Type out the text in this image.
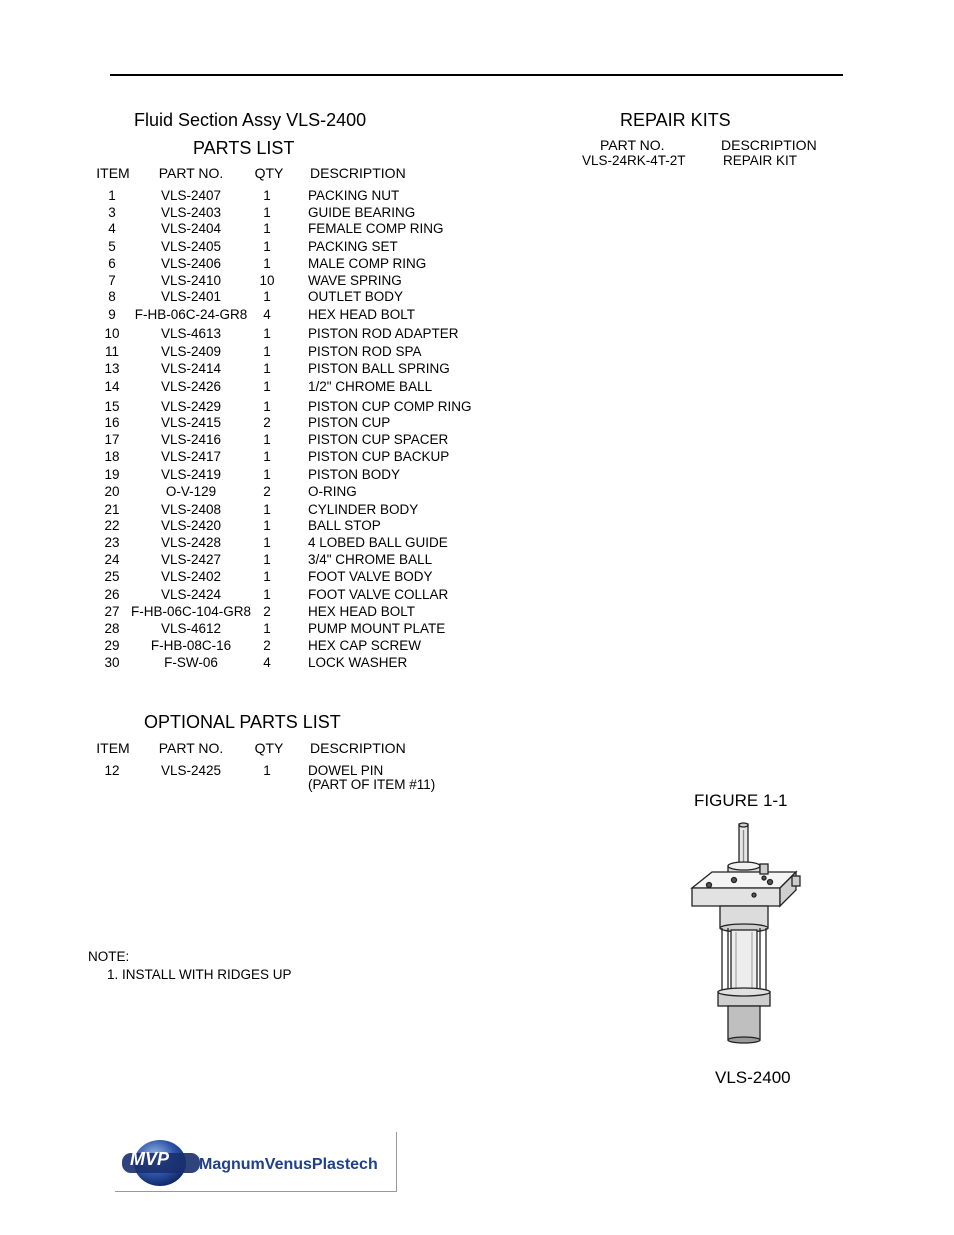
Fluid Section Assy VLS-2400
PARTS LIST
ITEM	PART NO.	QTY DESCRIPTION
1	VLS-2407	1	PACKING NUT
3	VLS-2403	1	GUIDE BEARING
4	VLS-2404	1	FEMALE COMP RING
5	VLS-2405	1	PACKING SET
6	VLS-2406	1	MALE COMP RING
7	VLS-2410	10	WAVE SPRING
8	VLS-2401	1	OUTLET BODY
9	F-HB-06C-24-GR8	4	HEX HEAD BOLT
10	VLS-4613	1	PISTON ROD ADAPTER
11	VLS-2409	1	PISTON ROD SPA
13	VLS-2414	1	PISTON BALL SPRING
14	VLS-2426	1	1/2" CHROME BALL
15	VLS-2429	1	PISTON CUP COMP RING
16	VLS-2415	2	PISTON CUP
17	VLS-2416	1	PISTON CUP SPACER
18	VLS-2417	1	PISTON CUP BACKUP
19	VLS-2419	1	PISTON BODY
20	O-V-129	2	O-RING
21	VLS-2408	1	CYLINDER BODY
22	VLS-2420	1	BALL STOP
23	VLS-2428	1	4 LOBED BALL GUIDE
24	VLS-2427	1	3/4" CHROME BALL
25	VLS-2402	1	FOOT VALVE BODY
26	VLS-2424	1	FOOT VALVE COLLAR
27 F-HB-06C-104-GR8 2	HEX HEAD BOLT
28	VLS-4612	1	PUMP MOUNT PLATE
29	F-HB-08C-16	2	HEX CAP SCREW
30	F-SW-06	4	LOCK WASHER
REPAIR KITS
PART NO.	DESCRIPTION
VLS-24RK-4T-2T	REPAIR KIT
OPTIONAL PARTS LIST
ITEM	PART NO.	QTY DESCRIPTION
12	VLS-2425	1	DOWEL PIN
(PART OF ITEM #11)
NOTE:
1. INSTALL WITH RIDGES UP
FIGURE 1-1
VLS-2400
MVP MagnumVenusPlastech
